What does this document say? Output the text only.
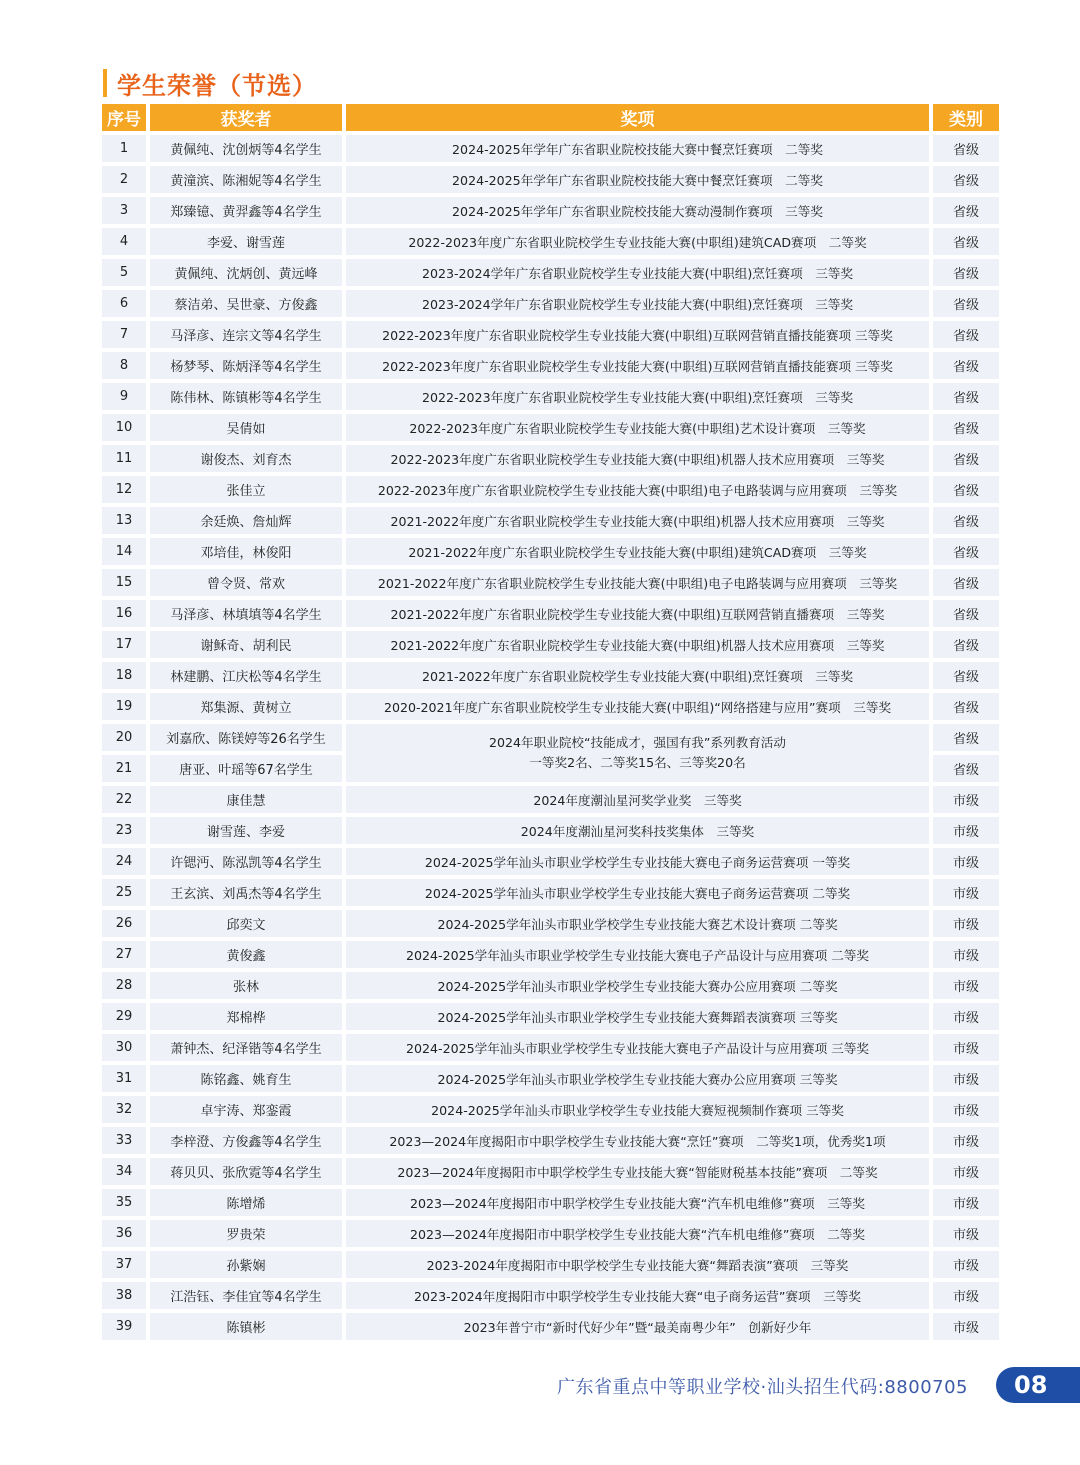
学生荣誉（节选）
序号	获奖者	奖项	类别
1	黄佩纯、沈创炳等4名学生	2024-2025年学年广东省职业院校技能大赛中餐烹饪赛项　二等奖	省级
2	黄潼滨、陈湘妮等4名学生	2024-2025年学年广东省职业院校技能大赛中餐烹饪赛项　二等奖	省级
3	郑臻镱、黄羿鑫等4名学生	2024-2025年学年广东省职业院校技能大赛动漫制作赛项　三等奖	省级
4	李爱、谢雪莲	2022-2023年度广东省职业院校学生专业技能大赛(中职组)建筑CAD赛项　二等奖	省级
5	黄佩纯、沈炳创、黄远峰	2023-2024学年广东省职业院校学生专业技能大赛(中职组)烹饪赛项　三等奖	省级
6	蔡洁弟、吴世豪、方俊鑫	2023-2024学年广东省职业院校学生专业技能大赛(中职组)烹饪赛项　三等奖	省级
7	马泽彦、连宗文等4名学生	2022-2023年度广东省职业院校学生专业技能大赛(中职组)互联网营销直播技能赛项 三等奖	省级
8	杨梦琴、陈炳泽等4名学生	2022-2023年度广东省职业院校学生专业技能大赛(中职组)互联网营销直播技能赛项 三等奖	省级
9	陈伟林、陈镇彬等4名学生	2022-2023年度广东省职业院校学生专业技能大赛(中职组)烹饪赛项　三等奖	省级
10	吴倩如	2022-2023年度广东省职业院校学生专业技能大赛(中职组)艺术设计赛项　三等奖	省级
11	谢俊杰、刘育杰	2022-2023年度广东省职业院校学生专业技能大赛(中职组)机器人技术应用赛项　三等奖	省级
12	张佳立	2022-2023年度广东省职业院校学生专业技能大赛(中职组)电子电路装调与应用赛项　三等奖	省级
13	余廷焕、詹灿辉	2021-2022年度广东省职业院校学生专业技能大赛(中职组)机器人技术应用赛项　三等奖	省级
14	邓培佳，林俊阳	2021-2022年度广东省职业院校学生专业技能大赛(中职组)建筑CAD赛项　三等奖	省级
15	曾令贤、常欢	2021-2022年度广东省职业院校学生专业技能大赛(中职组)电子电路装调与应用赛项　三等奖	省级
16	马泽彦、林填填等4名学生	2021-2022年度广东省职业院校学生专业技能大赛(中职组)互联网营销直播赛项　三等奖	省级
17	谢稣奇、胡利民	2021-2022年度广东省职业院校学生专业技能大赛(中职组)机器人技术应用赛项　三等奖	省级
18	林建鹏、江庆松等4名学生	2021-2022年度广东省职业院校学生专业技能大赛(中职组)烹饪赛项　三等奖	省级
19	郑集源、黄树立	2020-2021年度广东省职业院校学生专业技能大赛(中职组)“网络搭建与应用”赛项　三等奖	省级
20	刘嘉欣、陈镁婷等26名学生	2024年职业院校“技能成才，强国有我”系列教育活动
一等奖2名、二等奖15名、三等奖20名	省级
21	唐亚、叶瑶等67名学生		省级
22	康佳慧	2024年度潮汕星河奖学业奖　三等奖	市级
23	谢雪莲、李爱	2024年度潮汕星河奖科技奖集体　三等奖	市级
24	许锶沔、陈泓凯等4名学生	2024-2025学年汕头市职业学校学生专业技能大赛电子商务运营赛项 一等奖	市级
25	王玄滨、刘禹杰等4名学生	2024-2025学年汕头市职业学校学生专业技能大赛电子商务运营赛项 二等奖	市级
26	邱奕文	2024-2025学年汕头市职业学校学生专业技能大赛艺术设计赛项 二等奖	市级
27	黄俊鑫	2024-2025学年汕头市职业学校学生专业技能大赛电子产品设计与应用赛项 二等奖	市级
28	张林	2024-2025学年汕头市职业学校学生专业技能大赛办公应用赛项 二等奖	市级
29	郑棉桦	2024-2025学年汕头市职业学校学生专业技能大赛舞蹈表演赛项 三等奖	市级
30	萧钟杰、纪泽锴等4名学生	2024-2025学年汕头市职业学校学生专业技能大赛电子产品设计与应用赛项 三等奖	市级
31	陈铭鑫、姚育生	2024-2025学年汕头市职业学校学生专业技能大赛办公应用赛项 三等奖	市级
32	卓宇涛、郑銮霞	2024-2025学年汕头市职业学校学生专业技能大赛短视频制作赛项 三等奖	市级
33	李梓澄、方俊鑫等4名学生	2023—2024年度揭阳市中职学校学生专业技能大赛“烹饪”赛项　二等奖1项，优秀奖1项	市级
34	蒋贝贝、张欣霓等4名学生	2023—2024年度揭阳市中职学校学生专业技能大赛“智能财税基本技能”赛项　二等奖	市级
35	陈增烯	2023—2024年度揭阳市中职学校学生专业技能大赛“汽车机电维修”赛项　三等奖	市级
36	罗贵荣	2023—2024年度揭阳市中职学校学生专业技能大赛“汽车机电维修”赛项　二等奖	市级
37	孙紫娴	2023-2024年度揭阳市中职学校学生专业技能大赛“舞蹈表演”赛项　三等奖	市级
38	江浩钰、李佳宜等4名学生	2023-2024年度揭阳市中职学校学生专业技能大赛“电子商务运营”赛项　三等奖	市级
39	陈镇彬	2023年普宁市“新时代好少年”暨“最美南粤少年”　创新好少年	市级
广东省重点中等职业学校·汕头招生代码:8800705	08
